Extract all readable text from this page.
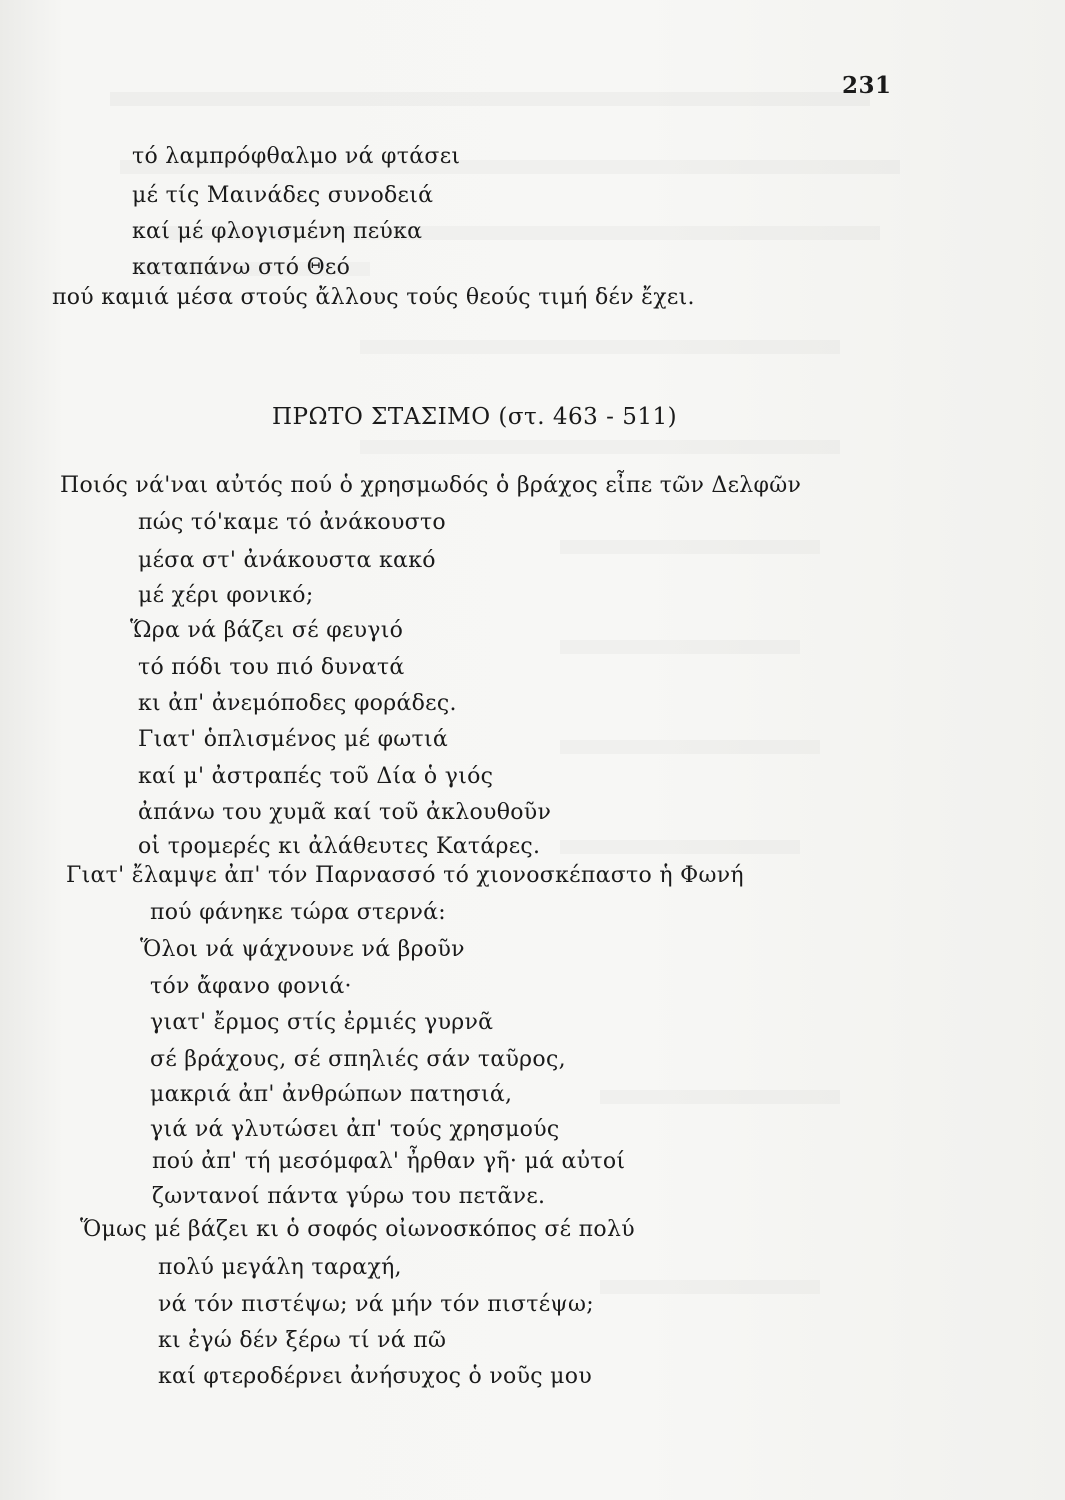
231
τό λαμπρόφθαλμο νά φτάσει
μέ τίς Μαινάδες συνοδειά
καί μέ φλογισμένη πεύκα
καταπάνω στό Θεό
πού καμιά μέσα στούς ἄλλους τούς θεούς τιμή δέν ἔχει.
ΠΡΩΤΟ ΣΤΑΣΙΜΟ (στ. 463 - 511)
Ποιός νά'ναι αὐτός πού ὁ χρησμωδός ὁ βράχος εἶπε τῶν Δελφῶν
πώς τό'καμε τό ἀνάκουστο
μέσα στ' ἀνάκουστα κακό
μέ χέρι φονικό;
Ὥρα νά βάζει σέ φευγιό
τό πόδι του πιό δυνατά
κι ἀπ' ἀνεμόποδες φοράδες.
Γιατ' ὁπλισμένος μέ φωτιά
καί μ' ἀστραπές τοῦ Δία ὁ γιός
ἀπάνω του χυμᾶ καί τοῦ ἀκλουθοῦν
οἱ τρομερές κι ἀλάθευτες Κατάρες.
Γιατ' ἔλαμψε ἀπ' τόν Παρνασσό τό χιονοσκέπαστο ἡ Φωνή
πού φάνηκε τώρα στερνά:
Ὅλοι νά ψάχνουνε νά βροῦν
τόν ἄφανο φονιά·
γιατ' ἔρμος στίς ἐρμιές γυρνᾶ
σέ βράχους, σέ σπηλιές σάν ταῦρος,
μακριά ἀπ' ἀνθρώπων πατησιά,
γιά νά γλυτώσει ἀπ' τούς χρησμούς
πού ἀπ' τή μεσόμφαλ' ἦρθαν γῆ· μά αὐτοί
ζωντανοί πάντα γύρω του πετᾶνε.
Ὅμως μέ βάζει κι ὁ σοφός οἰωνοσκόπος σέ πολύ
πολύ μεγάλη ταραχή,
νά τόν πιστέψω; νά μήν τόν πιστέψω;
κι ἐγώ δέν ξέρω τί νά πῶ
καί φτεροδέρνει ἀνήσυχος ὁ νοῦς μου
